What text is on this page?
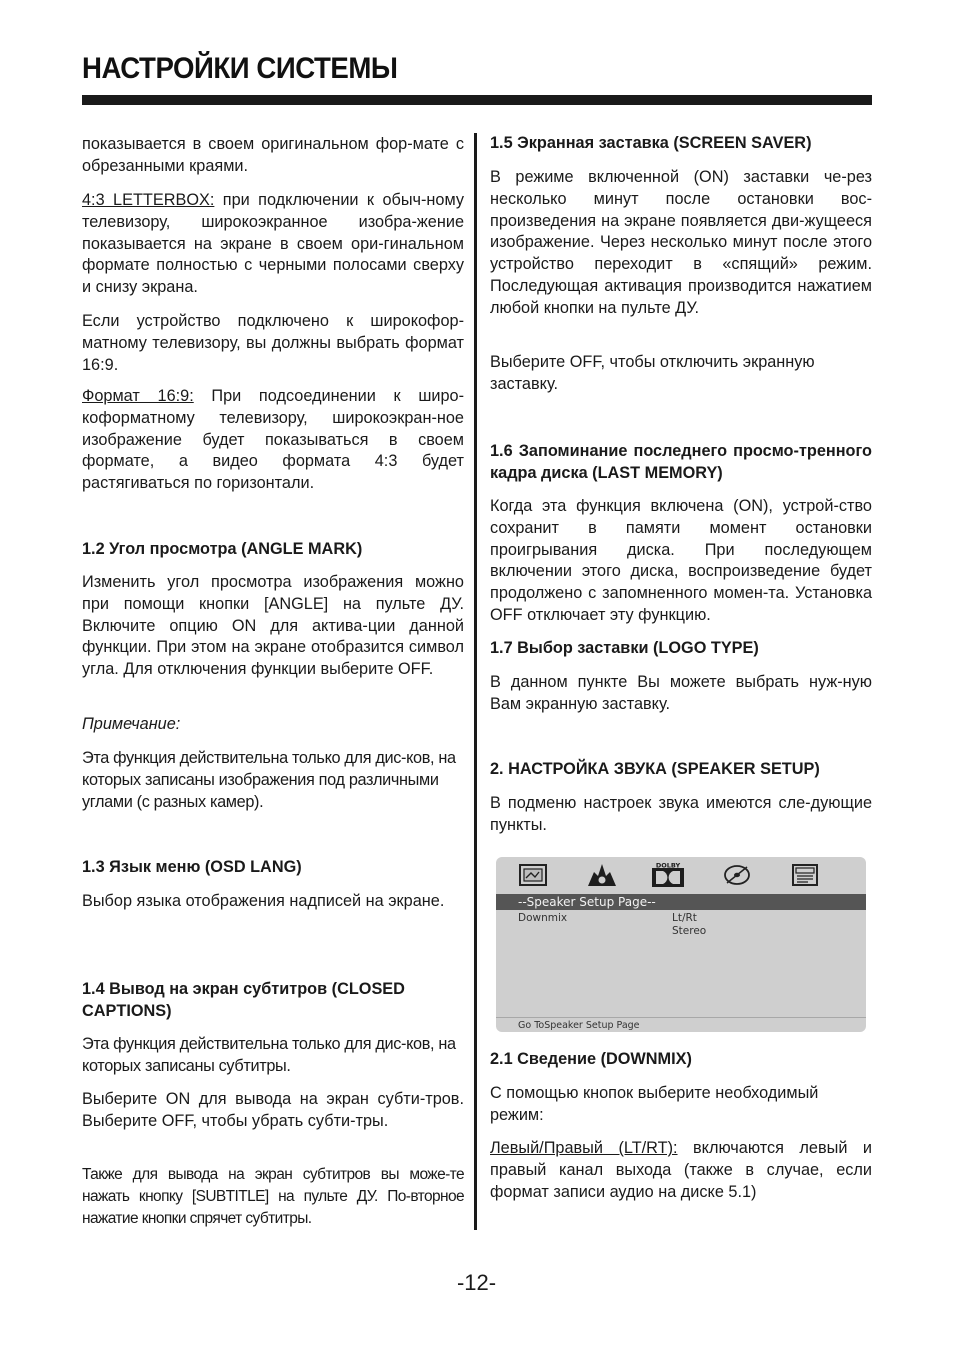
НАСТРОЙКИ СИСТЕМЫ

показывается в своем оригинальном фор-мате с обрезанными краями.

4:3 LETTERBOX: при подключении к обыч-ному телевизору, широкоэкранное изобра-жение показывается на экране в своем ори-гинальном формате полностью с черными полосами сверху и снизу экрана.

Если устройство подключено к широкофор-матному телевизору, вы должны выбрать формат 16:9.

Формат 16:9: При подсоединении к широ-коформатному телевизору, широкоэкран-ное изображение будет показываться в своем формате, а видео формата 4:3 будет растягиваться по горизонтали.

1.2 Угол просмотра (ANGLE MARK)

Изменить угол просмотра изображения можно при помощи кнопки [ANGLE] на пульте ДУ. Включите опцию ON для актива-ции данной функции. При этом на экране отобразится символ угла. Для отключения функции выберите OFF.

Примечание:

Эта функция действительна только для дис-ков, на которых записаны изображения под различными углами (с разных камер).

1.3 Язык меню (OSD LANG)

Выбор языка отображения надписей на экране.

1.4 Вывод на экран субтитров (CLOSED CAPTIONS)

Эта функция действительна только для дис-ков, на которых записаны субтитры.

Выберите ON для вывода на экран субти-тров. Выберите OFF, чтобы убрать субти-тры.

Также для вывода на экран субтитров вы може-те нажать кнопку [SUBTITLE] на пульте ДУ. По-вторное нажатие кнопки спрячет субтитры.

1.5 Экранная заставка (SCREEN SAVER)

В режиме включенной (ON) заставки че-рез несколько минут после остановки вос-произведения на экране появляется дви-жущееся изображение. Через несколько минут после этого устройство переходит в «спящий» режим. Последующая активация производится нажатием любой кнопки на пульте ДУ.

Выберите OFF, чтобы отключить экранную заставку.

1.6 Запоминание последнего просмо-тренного кадра диска (LAST MEMORY)

Когда эта функция включена (ON), устрой-ство сохранит в памяти момент остановки проигрывания диска. При последующем включении этого диска, воспроизведение будет продолжено с запомненного момен-та. Установка OFF отключает эту функцию.

1.7 Выбор заставки (LOGO TYPE)

В данном пункте Вы можете выбрать нуж-ную Вам экранную заставку.

2. НАСТРОЙКА ЗВУКА (SPEAKER SETUP)

В подменю настроек звука имеются сле-дующие пункты.

2.1 Сведение (DOWNMIX)

С помощью кнопок выберите необходимый режим:

Левый/Правый (LT/RT): включаются левый и правый канал выхода (также в случае, если формат записи аудио на диске 5.1)

DOLBY
--Speaker Setup Page--
Downmix	Lt/Rt
Stereo
Go ToSpeaker Setup Page
-12-
